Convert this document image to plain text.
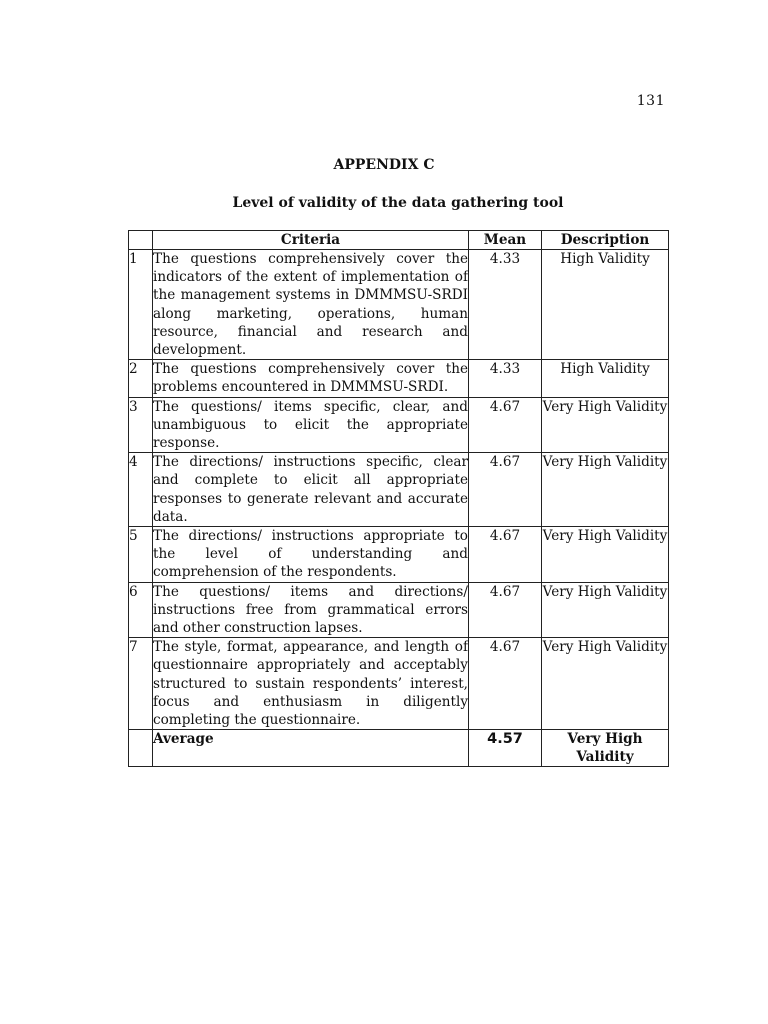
131
APPENDIX C
Level of validity of the data gathering tool
	Criteria	Mean	Description
1	The questions comprehensively cover the indicators of the extent of implementation of the management systems in DMMMSU-SRDI along marketing, operations, human resource, financial and research and development.	4.33	High Validity
2	The questions comprehensively cover the problems encountered in DMMMSU-SRDI.	4.33	High Validity
3	The questions/ items specific, clear, and unambiguous to elicit the appropriate response.	4.67	Very High Validity
4	The directions/ instructions specific, clear and complete to elicit all appropriate responses to generate relevant and accurate data.	4.67	Very High Validity
5	The directions/ instructions appropriate to the level of understanding and comprehension of the respondents.	4.67	Very High Validity
6	The questions/ items and directions/ instructions free from grammatical errors and other construction lapses.	4.67	Very High Validity
7	The style, format, appearance, and length of questionnaire appropriately and acceptably structured to sustain respondents’ interest, focus and enthusiasm in diligently completing the questionnaire.	4.67	Very High Validity
	Average	4.57	Very High Validity
